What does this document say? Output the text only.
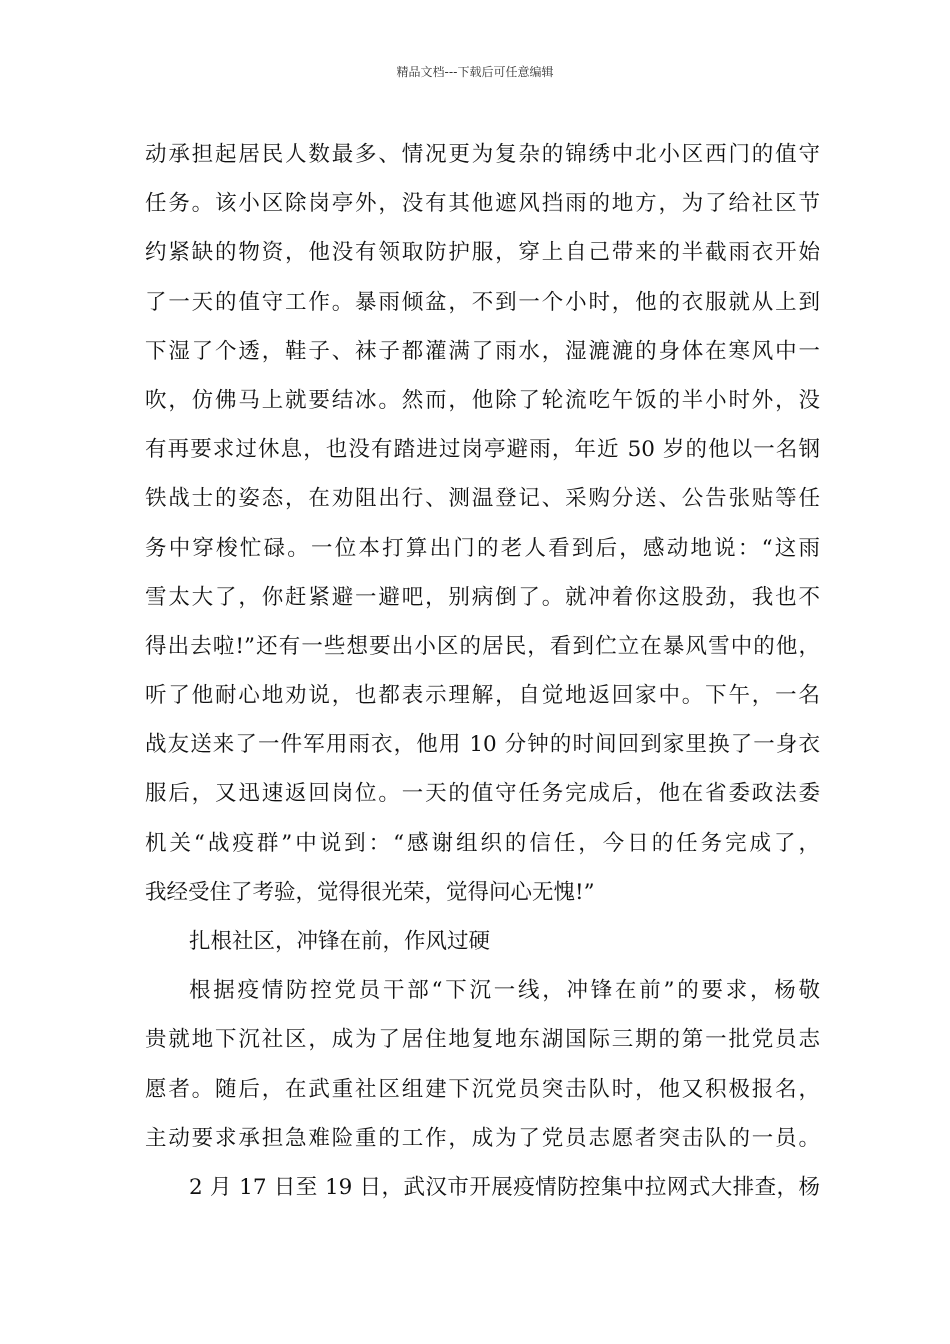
精品文档---下载后可任意编辑
动承担起居民人数最多、情况更为复杂的锦绣中北小区西门的值守
任务。该小区除岗亭外，没有其他遮风挡雨的地方，为了给社区节
约紧缺的物资，他没有领取防护服，穿上自己带来的半截雨衣开始
了一天的值守工作。暴雨倾盆，不到一个小时，他的衣服就从上到
下湿了个透，鞋子、袜子都灌满了雨水，湿漉漉的身体在寒风中一
吹，仿佛马上就要结冰。然而，他除了轮流吃午饭的半小时外，没
有再要求过休息，也没有踏进过岗亭避雨，年近 50 岁的他以一名钢
铁战士的姿态，在劝阻出行、测温登记、采购分送、公告张贴等任
务中穿梭忙碌。一位本打算出门的老人看到后，感动地说：“这雨
雪太大了，你赶紧避一避吧，别病倒了。就冲着你这股劲，我也不
得出去啦!”还有一些想要出小区的居民，看到伫立在暴风雪中的他，
听了他耐心地劝说，也都表示理解，自觉地返回家中。下午，一名
战友送来了一件军用雨衣，他用 10 分钟的时间回到家里换了一身衣
服后，又迅速返回岗位。一天的值守任务完成后，他在省委政法委
机关“战疫群”中说到：“感谢组织的信任，今日的任务完成了，
我经受住了考验，觉得很光荣，觉得问心无愧!”
扎根社区，冲锋在前，作风过硬
根据疫情防控党员干部“下沉一线，冲锋在前”的要求，杨敬
贵就地下沉社区，成为了居住地复地东湖国际三期的第一批党员志
愿者。随后，在武重社区组建下沉党员突击队时，他又积极报名，
主动要求承担急难险重的工作，成为了党员志愿者突击队的一员。
2 月 17 日至 19 日，武汉市开展疫情防控集中拉网式大排查，杨
